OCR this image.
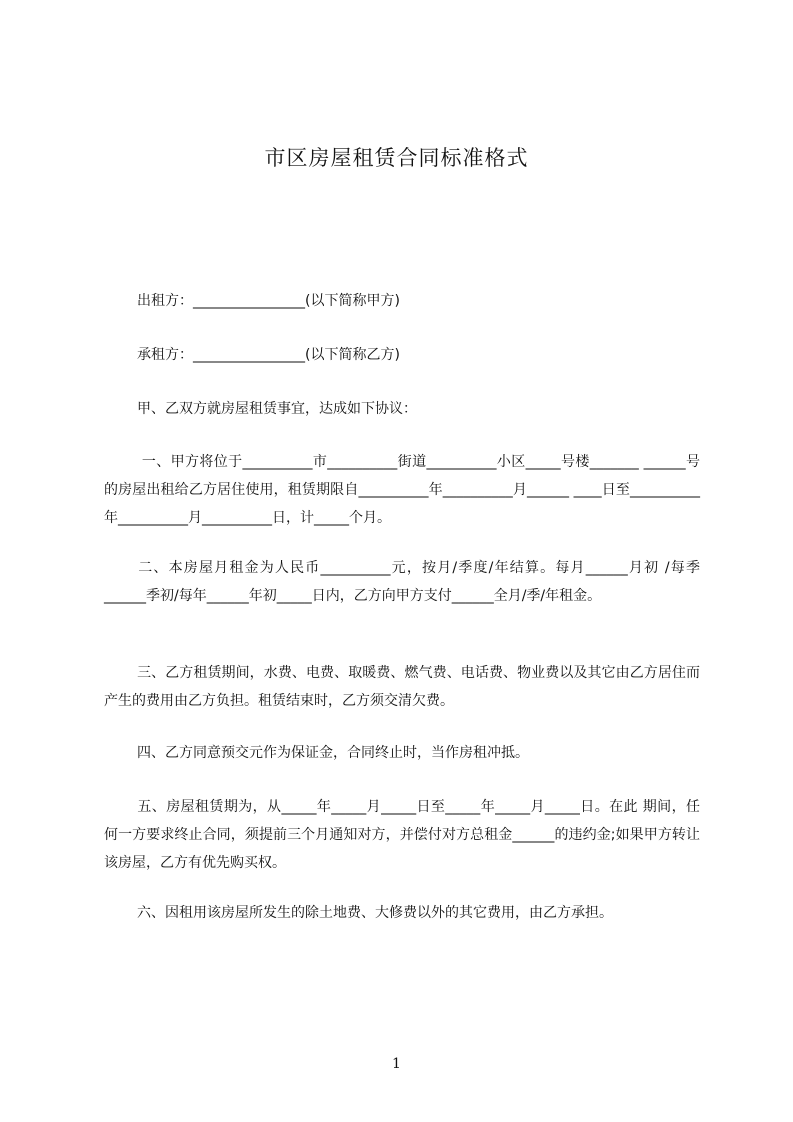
市区房屋租赁合同标准格式
出租方：________________(以下简称甲方)
承租方：________________(以下简称乙方)
甲、乙双方就房屋租赁事宜，达成如下协议：
一、甲方将位于__________市__________街道__________小区_____号楼_______ ______号的房屋出租给乙方居住使用，租赁期限自__________年__________月______ ____日至__________年__________月__________日，计_____个月。
二、本房屋月租金为人民币__________元，按月/季度/年结算。每月______月初 /每季______季初/每年______年初_____日内，乙方向甲方支付______全月/季/年租金。
三、乙方租赁期间，水费、电费、取暖费、燃气费、电话费、物业费以及其它由乙方居住而产生的费用由乙方负担。租赁结束时，乙方须交清欠费。
四、乙方同意预交元作为保证金，合同终止时，当作房租冲抵。
五、房屋租赁期为，从_____年_____月_____日至_____年_____月_____日。在此 期间，任何一方要求终止合同，须提前三个月通知对方，并偿付对方总租金______的违约金;如果甲方转让该房屋，乙方有优先购买权。
六、因租用该房屋所发生的除土地费、大修费以外的其它费用，由乙方承担。
1
